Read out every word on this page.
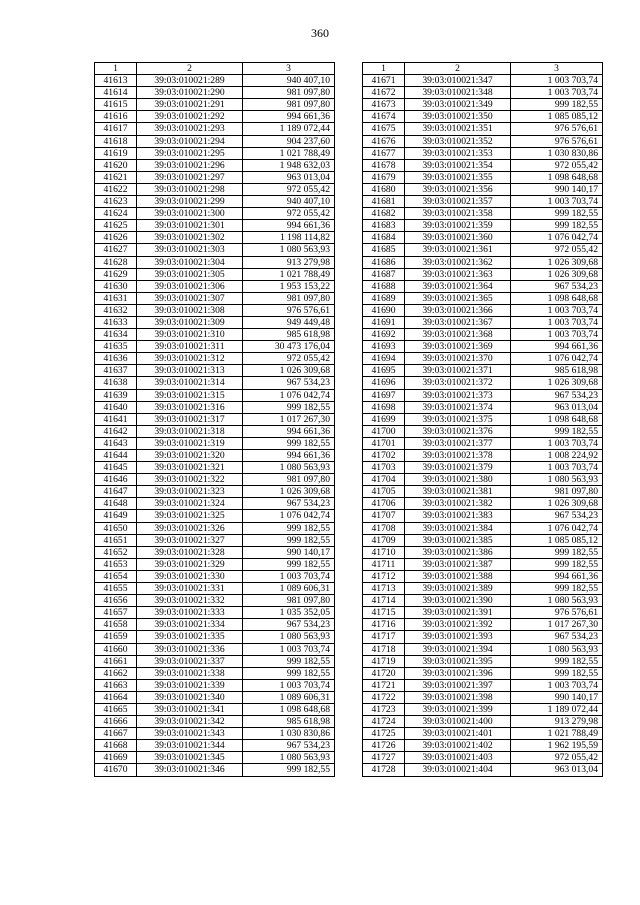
360
1	2	3
41613	39:03:010021:289	940 407,10
41614	39:03:010021:290	981 097,80
41615	39:03:010021:291	981 097,80
41616	39:03:010021:292	994 661,36
41617	39:03:010021:293	1 189 072,44
41618	39:03:010021:294	904 237,60
41619	39:03:010021:295	1 021 788,49
41620	39:03:010021:296	1 948 632,03
41621	39:03:010021:297	963 013,04
41622	39:03:010021:298	972 055,42
41623	39:03:010021:299	940 407,10
41624	39:03:010021:300	972 055,42
41625	39:03:010021:301	994 661,36
41626	39:03:010021:302	1 198 114,82
41627	39:03:010021:303	1 080 563,93
41628	39:03:010021:304	913 279,98
41629	39:03:010021:305	1 021 788,49
41630	39:03:010021:306	1 953 153,22
41631	39:03:010021:307	981 097,80
41632	39:03:010021:308	976 576,61
41633	39:03:010021:309	949 449,48
41634	39:03:010021:310	985 618,98
41635	39:03:010021:311	30 473 176,04
41636	39:03:010021:312	972 055,42
41637	39:03:010021:313	1 026 309,68
41638	39:03:010021:314	967 534,23
41639	39:03:010021:315	1 076 042,74
41640	39:03:010021:316	999 182,55
41641	39:03:010021:317	1 017 267,30
41642	39:03:010021:318	994 661,36
41643	39:03:010021:319	999 182,55
41644	39:03:010021:320	994 661,36
41645	39:03:010021:321	1 080 563,93
41646	39:03:010021:322	981 097,80
41647	39:03:010021:323	1 026 309,68
41648	39:03:010021:324	967 534,23
41649	39:03:010021:325	1 076 042,74
41650	39:03:010021:326	999 182,55
41651	39:03:010021:327	999 182,55
41652	39:03:010021:328	990 140,17
41653	39:03:010021:329	999 182,55
41654	39:03:010021:330	1 003 703,74
41655	39:03:010021:331	1 089 606,31
41656	39:03:010021:332	981 097,80
41657	39:03:010021:333	1 035 352,05
41658	39:03:010021:334	967 534,23
41659	39:03:010021:335	1 080 563,93
41660	39:03:010021:336	1 003 703,74
41661	39:03:010021:337	999 182,55
41662	39:03:010021:338	999 182,55
41663	39:03:010021:339	1 003 703,74
41664	39:03:010021:340	1 089 606,31
41665	39:03:010021:341	1 098 648,68
41666	39:03:010021:342	985 618,98
41667	39:03:010021:343	1 030 830,86
41668	39:03:010021:344	967 534,23
41669	39:03:010021:345	1 080 563,93
41670	39:03:010021:346	999 182,55
1	2	3
41671	39:03:010021:347	1 003 703,74
41672	39:03:010021:348	1 003 703,74
41673	39:03:010021:349	999 182,55
41674	39:03:010021:350	1 085 085,12
41675	39:03:010021:351	976 576,61
41676	39:03:010021:352	976 576,61
41677	39:03:010021:353	1 030 830,86
41678	39:03:010021:354	972 055,42
41679	39:03:010021:355	1 098 648,68
41680	39:03:010021:356	990 140,17
41681	39:03:010021:357	1 003 703,74
41682	39:03:010021:358	999 182,55
41683	39:03:010021:359	999 182,55
41684	39:03:010021:360	1 076 042,74
41685	39:03:010021:361	972 055,42
41686	39:03:010021:362	1 026 309,68
41687	39:03:010021:363	1 026 309,68
41688	39:03:010021:364	967 534,23
41689	39:03:010021:365	1 098 648,68
41690	39:03:010021:366	1 003 703,74
41691	39:03:010021:367	1 003 703,74
41692	39:03:010021:368	1 003 703,74
41693	39:03:010021:369	994 661,36
41694	39:03:010021:370	1 076 042,74
41695	39:03:010021:371	985 618,98
41696	39:03:010021:372	1 026 309,68
41697	39:03:010021:373	967 534,23
41698	39:03:010021:374	963 013,04
41699	39:03:010021:375	1 098 648,68
41700	39:03:010021:376	999 182,55
41701	39:03:010021:377	1 003 703,74
41702	39:03:010021:378	1 008 224,92
41703	39:03:010021:379	1 003 703,74
41704	39:03:010021:380	1 080 563,93
41705	39:03:010021:381	981 097,80
41706	39:03:010021:382	1 026 309,68
41707	39:03:010021:383	967 534,23
41708	39:03:010021:384	1 076 042,74
41709	39:03:010021:385	1 085 085,12
41710	39:03:010021:386	999 182,55
41711	39:03:010021:387	999 182,55
41712	39:03:010021:388	994 661,36
41713	39:03:010021:389	999 182,55
41714	39:03:010021:390	1 080 563,93
41715	39:03:010021:391	976 576,61
41716	39:03:010021:392	1 017 267,30
41717	39:03:010021:393	967 534,23
41718	39:03:010021:394	1 080 563,93
41719	39:03:010021:395	999 182,55
41720	39:03:010021:396	999 182,55
41721	39:03:010021:397	1 003 703,74
41722	39:03:010021:398	990 140,17
41723	39:03:010021:399	1 189 072,44
41724	39:03:010021:400	913 279,98
41725	39:03:010021:401	1 021 788,49
41726	39:03:010021:402	1 962 195,59
41727	39:03:010021:403	972 055,42
41728	39:03:010021:404	963 013,04
